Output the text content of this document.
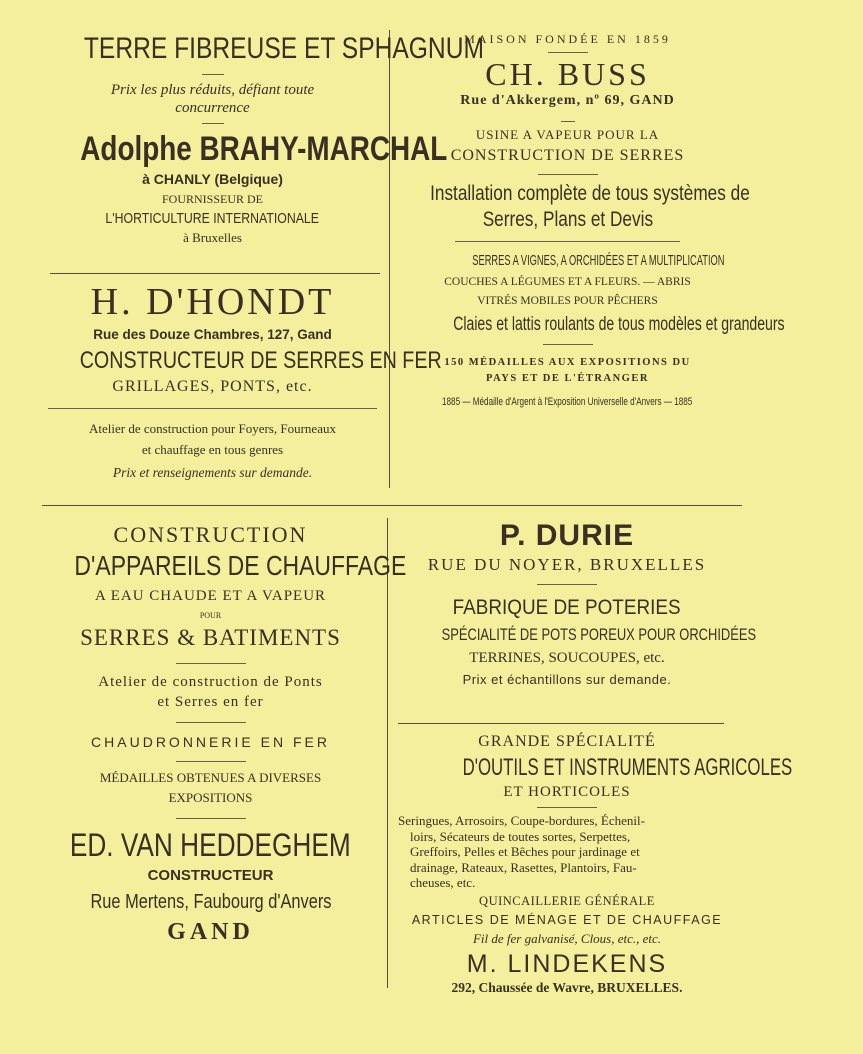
TERRE FIBREUSE ET SPHAGNUM

Prix les plus réduits, défiant toute

concurrence

Adolphe BRAHY-MARCHAL

à CHANLY (Belgique)

FOURNISSEUR DE

L'HORTICULTURE INTERNATIONALE

à Bruxelles

H. D'HONDT

Rue des Douze Chambres, 127, Gand

CONSTRUCTEUR DE SERRES EN FER

GRILLAGES, PONTS, etc.

Atelier de construction pour Foyers, Fourneaux

et chauffage en tous genres

Prix et renseignements sur demande.

MAISON FONDÉE EN 1859

CH. BUSS

Rue d'Akkergem, nº 69, GAND

USINE A VAPEUR POUR LA

CONSTRUCTION DE SERRES

Installation complète de tous systèmes de

Serres, Plans et Devis

SERRES A VIGNES, A ORCHIDÉES ET A MULTIPLICATION

COUCHES A LÉGUMES ET A FLEURS. — ABRIS

VITRÉS MOBILES POUR PÊCHERS

Claies et lattis roulants de tous modèles et grandeurs

150 MÉDAILLES AUX EXPOSITIONS DU

PAYS ET DE L'ÉTRANGER

1885 — Médaille d'Argent à l'Exposition Universelle d'Anvers — 1885

CONSTRUCTION

D'APPAREILS DE CHAUFFAGE

A EAU CHAUDE ET A VAPEUR

POUR

SERRES & BATIMENTS

Atelier de construction de Ponts

et Serres en fer

CHAUDRONNERIE EN FER

MÉDAILLES OBTENUES A DIVERSES

EXPOSITIONS

ED. VAN HEDDEGHEM

CONSTRUCTEUR

Rue Mertens, Faubourg d'Anvers

GAND

P. DURIE

RUE DU NOYER, BRUXELLES

FABRIQUE DE POTERIES

SPÉCIALITÉ DE POTS POREUX POUR ORCHIDÉES

TERRINES, SOUCOUPES, etc.

Prix et échantillons sur demande.

GRANDE SPÉCIALITÉ

D'OUTILS ET INSTRUMENTS AGRICOLES

ET HORTICOLES

Seringues, Arrosoirs, Coupe-bordures, Échenil-

loirs, Sécateurs de toutes sortes, Serpettes,

Greffoirs, Pelles et Bêches pour jardinage et

drainage, Rateaux, Rasettes, Plantoirs, Fau-

cheuses, etc.

QUINCAILLERIE GÉNÉRALE

ARTICLES DE MÉNAGE ET DE CHAUFFAGE

Fil de fer galvanisé, Clous, etc., etc.

M. LINDEKENS

292, Chaussée de Wavre, BRUXELLES.
